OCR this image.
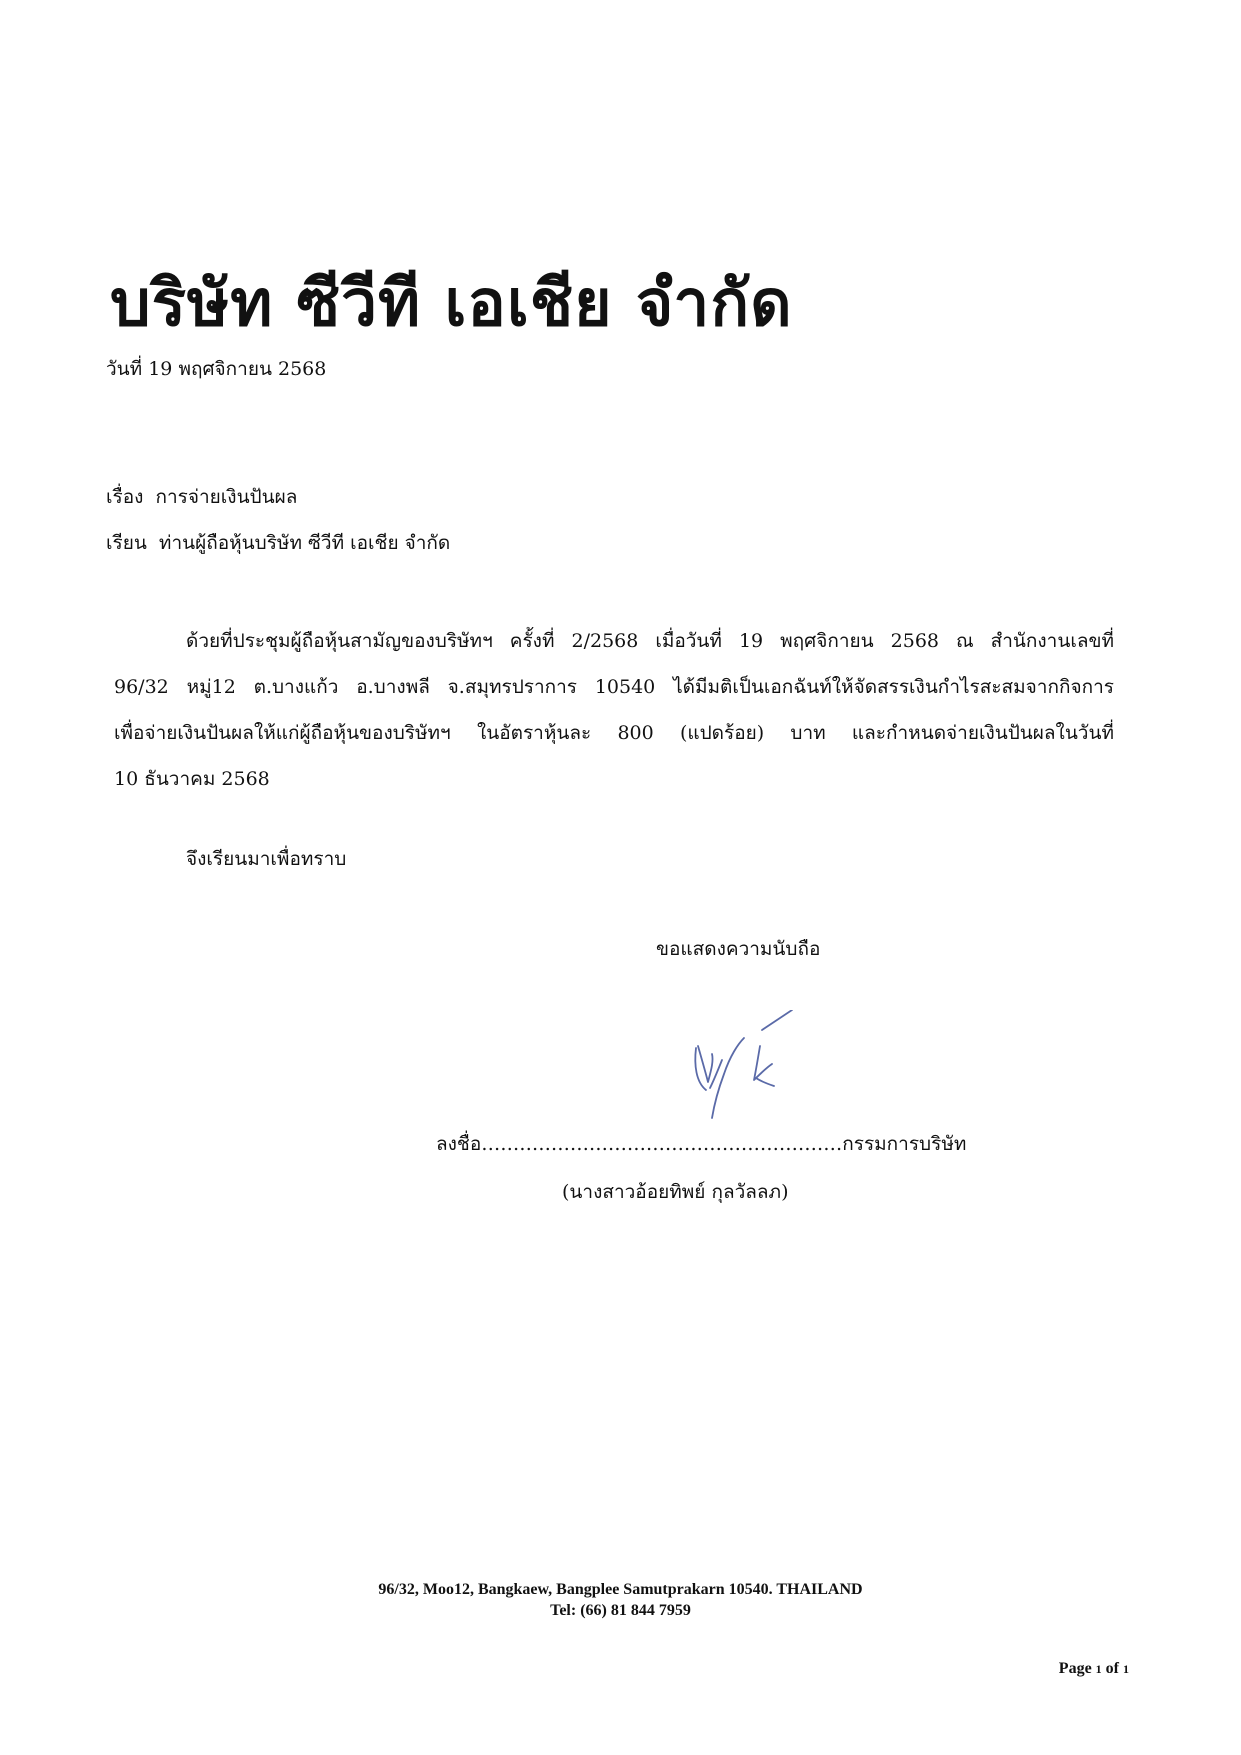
บริษัท ซีวีที เอเชีย จำกัด
วันที่ 19 พฤศจิกายน 2568
เรื่อง การจ่ายเงินปันผล
เรียน ท่านผู้ถือหุ้นบริษัท ซีวีที เอเชีย จำกัด
ด้วยที่ประชุมผู้ถือหุ้นสามัญของบริษัทฯ ครั้งที่ 2/2568 เมื่อวันที่ 19 พฤศจิกายน 2568 ณ สำนักงานเลขที่
96/32 หมู่12 ต.บางแก้ว อ.บางพลี จ.สมุทรปราการ 10540 ได้มีมติเป็นเอกฉันท์ให้จัดสรรเงินกำไรสะสมจากกิจการ
เพื่อจ่ายเงินปันผลให้แก่ผู้ถือหุ้นของบริษัทฯ ในอัตราหุ้นละ 800 (แปดร้อย) บาท และกำหนดจ่ายเงินปันผลในวันที่
10 ธันวาคม 2568
จึงเรียนมาเพื่อทราบ
ขอแสดงความนับถือ
ลงชื่อ…………………………………………………กรรมการบริษัท
(นางสาวอ้อยทิพย์ กุลวัลลภ)
96/32, Moo12, Bangkaew, Bangplee Samutprakarn 10540. THAILAND
Tel: (66) 81 844 7959
Page 1 of 1
